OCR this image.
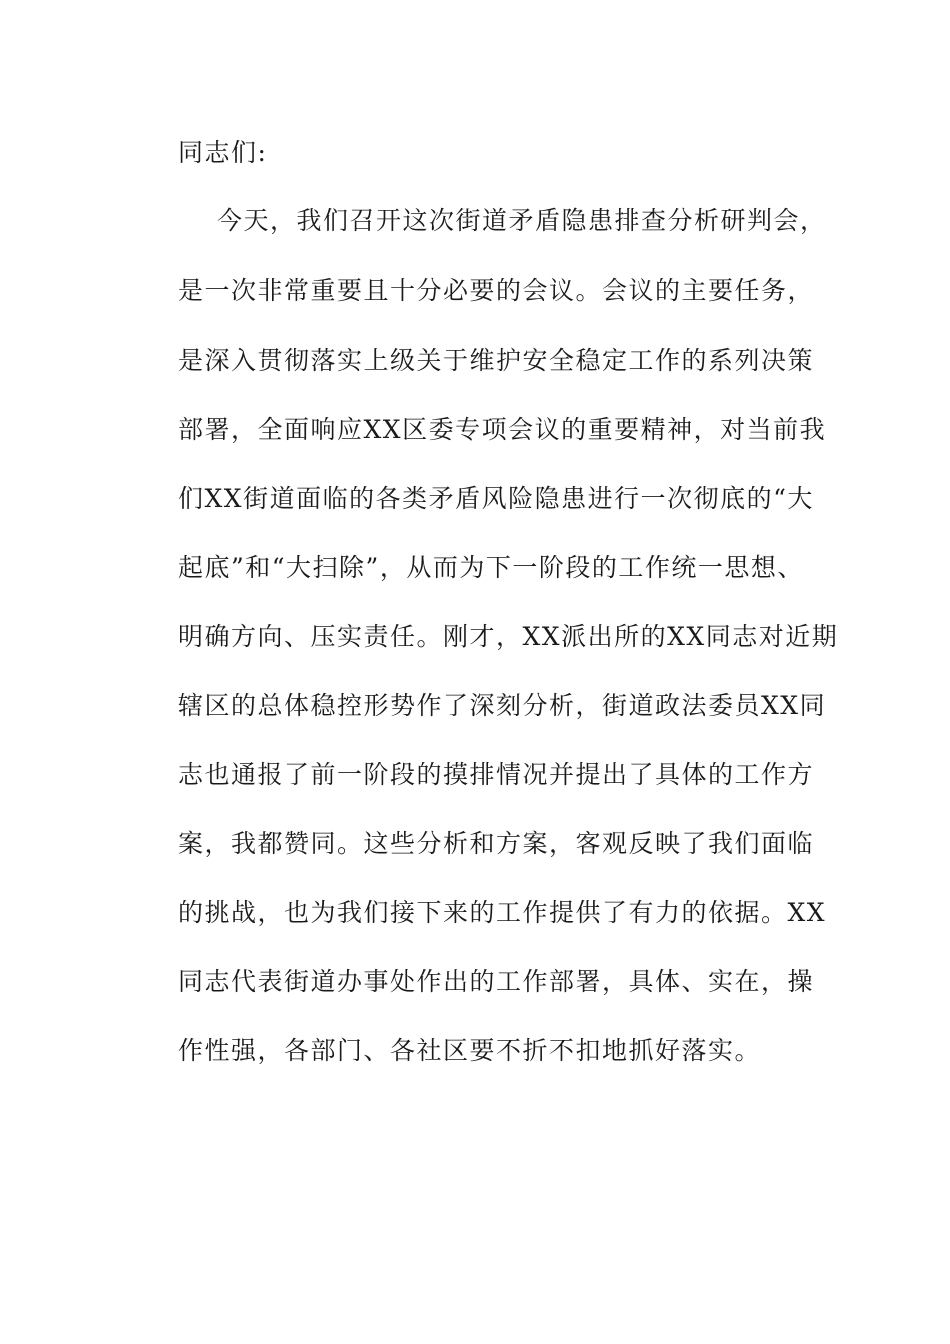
同志们:
今天，我们召开这次街道矛盾隐患排查分析研判会，
是一次非常重要且十分必要的会议。会议的主要任务，
是深入贯彻落实上级关于维护安全稳定工作的系列决策
部署，全面响应XX区委专项会议的重要精神，对当前我
们XX街道面临的各类矛盾风险隐患进行一次彻底的“大
起底”和“大扫除”，从而为下一阶段的工作统一思想、
明确方向、压实责任。刚才，XX派出所的XX同志对近期
辖区的总体稳控形势作了深刻分析，街道政法委员XX同
志也通报了前一阶段的摸排情况并提出了具体的工作方
案，我都赞同。这些分析和方案，客观反映了我们面临
的挑战，也为我们接下来的工作提供了有力的依据。XX
同志代表街道办事处作出的工作部署，具体、实在，操
作性强，各部门、各社区要不折不扣地抓好落实。
